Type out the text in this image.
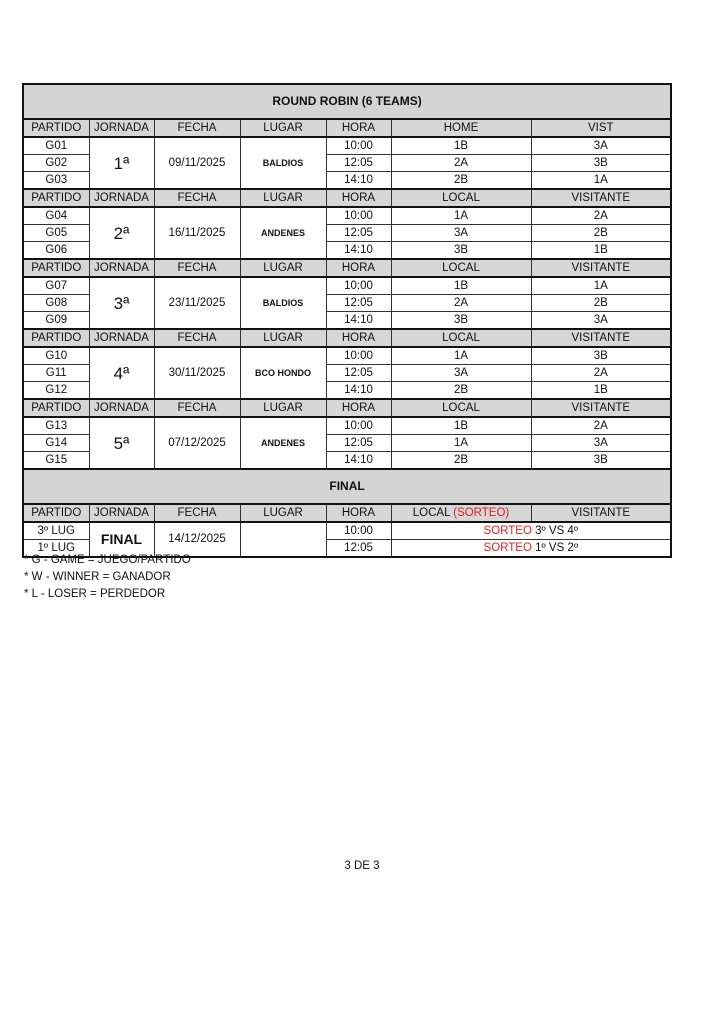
ROUND ROBIN (6 TEAMS)						
PARTIDO	JORNADA	FECHA	LUGAR	HORA	HOME	VIST
G01	1ª	09/11/2025	BALDIOS	10:00	1B	3A
G02				12:05	2A	3B
G03				14:10	2B	1A
PARTIDO	JORNADA	FECHA	LUGAR	HORA	LOCAL	VISITANTE
G04	2ª	16/11/2025	ANDENES	10:00	1A	2A
G05				12:05	3A	2B
G06				14:10	3B	1B
PARTIDO	JORNADA	FECHA	LUGAR	HORA	LOCAL	VISITANTE
G07	3ª	23/11/2025	BALDIOS	10:00	1B	1A
G08				12:05	2A	2B
G09				14:10	3B	3A
PARTIDO	JORNADA	FECHA	LUGAR	HORA	LOCAL	VISITANTE
G10	4ª	30/11/2025	BCO HONDO	10:00	1A	3B
G11				12:05	3A	2A
G12				14:10	2B	1B
PARTIDO	JORNADA	FECHA	LUGAR	HORA	LOCAL	VISITANTE
G13	5ª	07/12/2025	ANDENES	10:00	1B	2A
G14				12:05	1A	3A
G15				14:10	2B	3B
FINAL						
PARTIDO	JORNADA	FECHA	LUGAR	HORA	LOCAL (SORTEO)	VISITANTE
3º LUG	FINAL	14/12/2025		10:00	SORTEO 3º VS 4º	
1º LUG				12:05	SORTEO 1º VS 2º	
* G - GAME = JUEGO/PARTIDO
* W - WINNER = GANADOR
* L - LOSER = PERDEDOR
3 DE 3
